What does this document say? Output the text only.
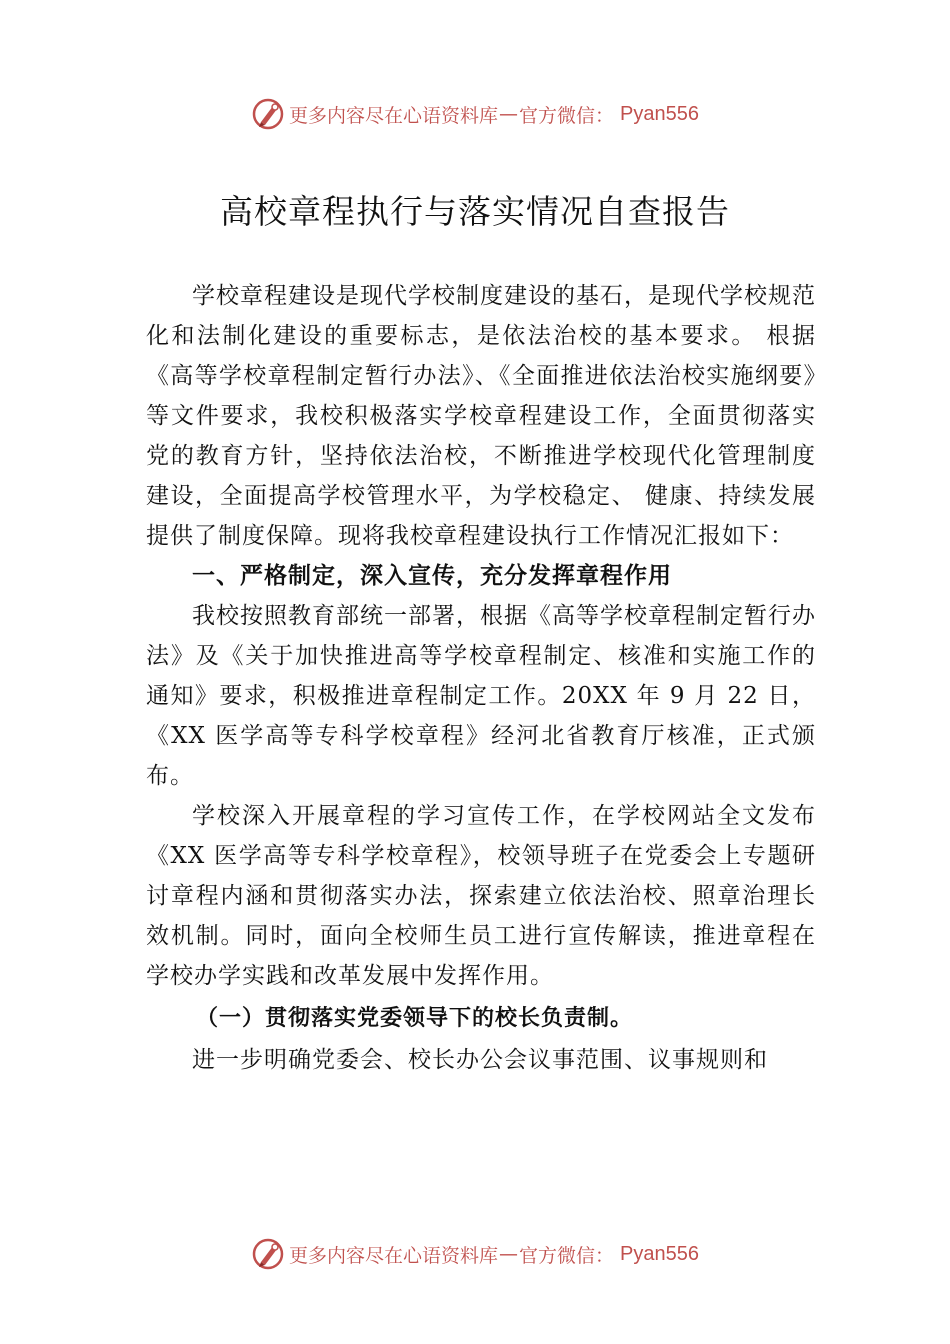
更多内容尽在心语资料库 — 官方微信： Pyan556
高校章程执行与落实情况自查报告

学校章程建设是现代学校制度建设的基石，是现代学校规范化和法制化建设的重要标志，是依法治校的基本要求。 根据《高等学校章程制定暂行办法》、《全面推进依法治校实施纲要》等文件要求，我校积极落实学校章程建设工作，全面贯彻落实党的教育方针，坚持依法治校，不断推进学校现代化管理制度建设，全面提高学校管理水平，为学校稳定、 健康、持续发展提供了制度保障。现将我校章程建设执行工作情况汇报如下：

一、严格制定，深入宣传，充分发挥章程作用

我校按照教育部统一部署，根据《高等学校章程制定暂行办法》及《关于加快推进高等学校章程制定、核准和实施工作的通知》要求，积极推进章程制定工作。20XX 年 9 月 22 日，《XX 医学高等专科学校章程》经河北省教育厅核准，正式颁布。

学校深入开展章程的学习宣传工作，在学校网站全文发布《XX 医学高等专科学校章程》，校领导班子在党委会上专题研讨章程内涵和贯彻落实办法，探索建立依法治校、照章治理长效机制。同时，面向全校师生员工进行宣传解读，推进章程在学校办学实践和改革发展中发挥作用。

（一）贯彻落实党委领导下的校长负责制。

进一步明确党委会、校长办公会议事范围、议事规则和

更多内容尽在心语资料库 — 官方微信： Pyan556
